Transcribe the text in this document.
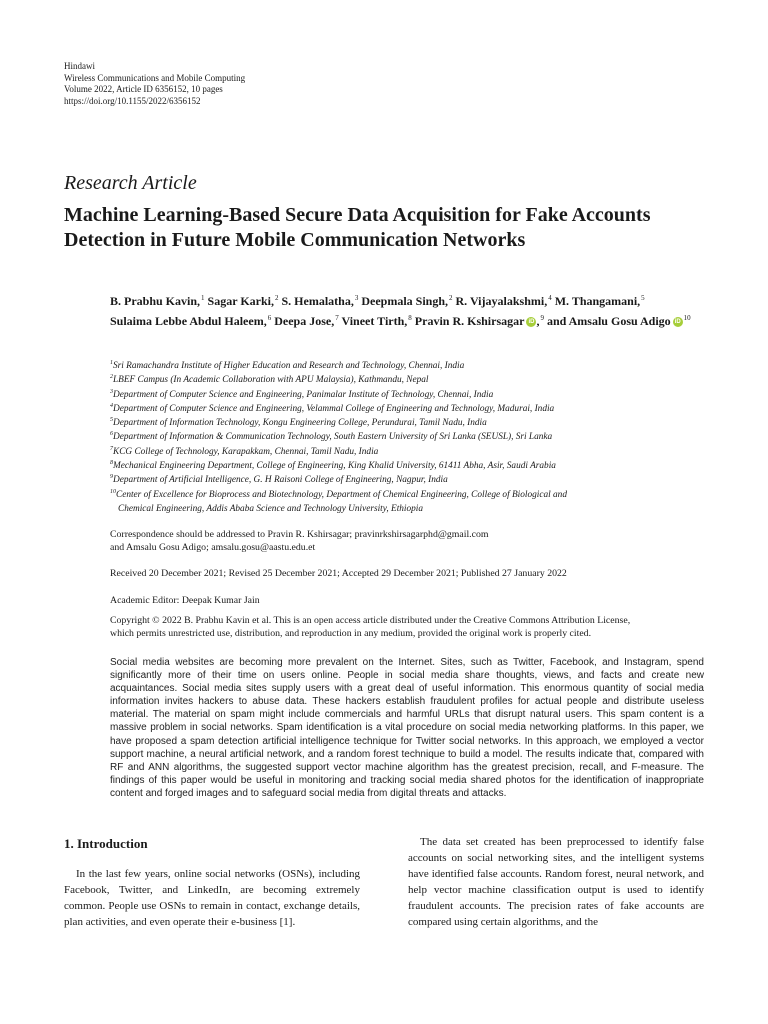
Hindawi
Wireless Communications and Mobile Computing
Volume 2022, Article ID 6356152, 10 pages
https://doi.org/10.1155/2022/6356152
Research Article
Machine Learning-Based Secure Data Acquisition for Fake Accounts Detection in Future Mobile Communication Networks
B. Prabhu Kavin,$^1$ Sagar Karki,$^2$ S. Hemalatha,$^3$ Deepmala Singh,$^2$ R. Vijayalakshmi,$^4$ M. Thangamani,$^5$ Sulaima Lebbe Abdul Haleem,$^6$ Deepa Jose,$^7$ Vineet Tirth,$^8$ Pravin R. Kshirsagar iD ,$^9$ and Amsalu Gosu Adigo $iD^{10}$
$^1$Sri Ramachandra Institute of Higher Education and Research and Technology, Chennai, India
$^2$LBEF Campus (In Academic Collaboration with APU Malaysia), Kathmandu, Nepal
$^3$Department of Computer Science and Engineering, Panimalar Institute of Technology, Chennai, India
$^4$Department of Computer Science and Engineering, Velammal College of Engineering and Technology, Madurai, India
$^5$Department of Information Technology, Kongu Engineering College, Perundurai, Tamil Nadu, India
$^6$Department of Information & Communication Technology, South Eastern University of Sri Lanka (SEUSL), Sri Lanka
$^7$KCG College of Technology, Karapakkam, Chennai, Tamil Nadu, India
$^8$Mechanical Engineering Department, College of Engineering, King Khalid University, 61411 Abha, Asir, Saudi Arabia
$^9$Department of Artificial Intelligence, G. H Raisoni College of Engineering, Nagpur, India
$^{10}$Center of Excellence for Bioprocess and Biotechnology, Department of Chemical Engineering, College of Biological and
Chemical Engineering, Addis Ababa Science and Technology University, Ethiopia
Correspondence should be addressed to Pravin R. Kshirsagar; pravinrkshirsagarphd@gmail.com
and Amsalu Gosu Adigo; amsalu.gosu@aastu.edu.et
Received 20 December 2021; Revised 25 December 2021; Accepted 29 December 2021; Published 27 January 2022
Academic Editor: Deepak Kumar Jain
Copyright © 2022 B. Prabhu Kavin et al. This is an open access article distributed under the Creative Commons Attribution License,
which permits unrestricted use, distribution, and reproduction in any medium, provided the original work is properly cited.
Social media websites are becoming more prevalent on the Internet. Sites, such as Twitter, Facebook, and Instagram, spend significantly more of their time on users online. People in social media share thoughts, views, and facts and create new acquaintances. Social media sites supply users with a great deal of useful information. This enormous quantity of social media information invites hackers to abuse data. These hackers establish fraudulent profiles for actual people and distribute useless material. The material on spam might include commercials and harmful URLs that disrupt natural users. This spam content is a massive problem in social networks. Spam identification is a vital procedure on social media networking platforms. In this paper, we have proposed a spam detection artificial intelligence technique for Twitter social networks. In this approach, we employed a vector support machine, a neural artificial network, and a random forest technique to build a model. The results indicate that, compared with RF and ANN algorithms, the suggested support vector machine algorithm has the greatest precision, recall, and F-measure. The findings of this paper would be useful in monitoring and tracking social media shared photos for the identification of inappropriate content and forged images and to safeguard social media from digital threats and attacks.
1. Introduction
In the last few years, online social networks (OSNs), including Facebook, Twitter, and LinkedIn, are becoming extremely common. People use OSNs to remain in contact, exchange details, plan activities, and even operate their e-business [1].
The data set created has been preprocessed to identify false accounts on social networking sites, and the intelligent systems have identified false accounts. Random forest, neural network, and help vector machine classification output is used to identify fraudulent accounts. The precision rates of fake accounts are compared using certain algorithms, and the
